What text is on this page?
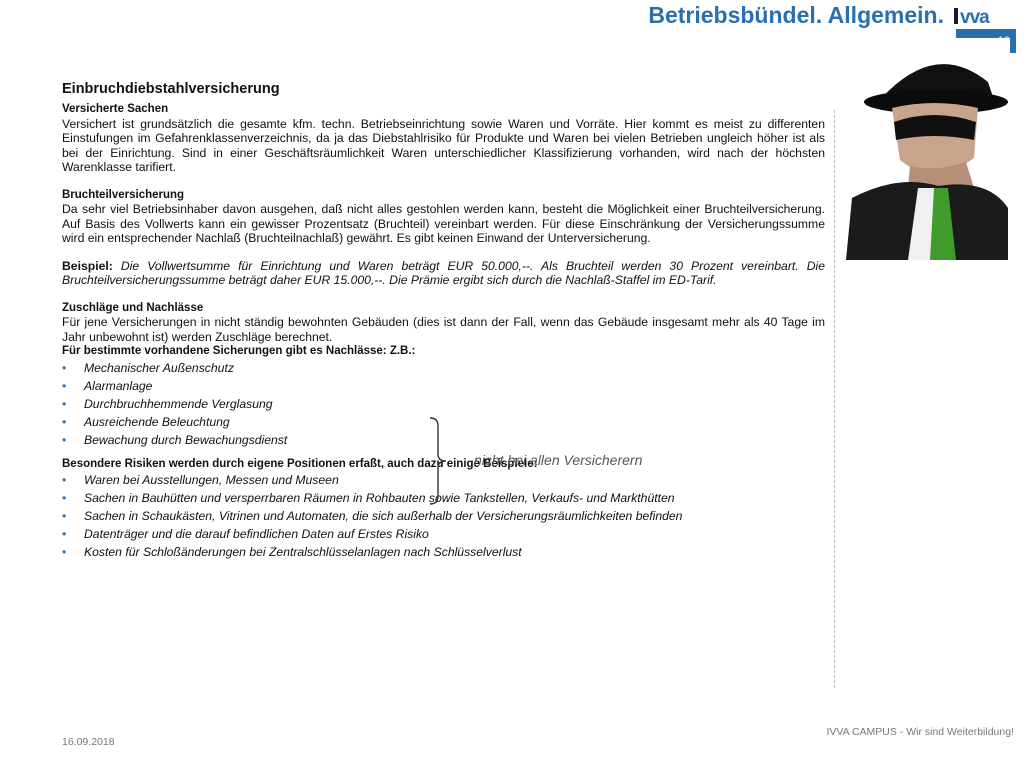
Betriebsbündel. Allgemein. vva
Einbruchdiebstahlversicherung

Versicherte Sachen

Versichert ist grundsätzlich die gesamte kfm. techn. Betriebseinrichtung sowie Waren und Vorräte. Hier kommt es meist zu differenten Einstufungen im Gefahrenklassenverzeichnis, da ja das Diebstahlrisiko für Produkte und Waren bei vielen Betrieben ungleich höher ist als bei der Einrichtung. Sind in einer Geschäftsräumlichkeit Waren unterschiedlicher Klassifizierung vorhanden, wird nach der höchsten Warenklasse tarifiert.

Bruchteilversicherung

Da sehr viel Betriebsinhaber davon ausgehen, daß nicht alles gestohlen werden kann, besteht die Möglichkeit einer Bruchteilversicherung. Auf Basis des Vollwerts kann ein gewisser Prozentsatz (Bruchteil) vereinbart werden. Für diese Einschränkung der Versicherungssumme wird ein entsprechender Nachlaß (Bruchteilnachlaß) gewährt. Es gibt keinen Einwand der Unterversicherung.

Beispiel: Die Vollwertsumme für Einrichtung und Waren beträgt EUR 50.000,--. Als Bruchteil werden 30 Prozent vereinbart. Die Bruchteilversicherungssumme beträgt daher EUR 15.000,--. Die Prämie ergibt sich durch die Nachlaß-Staffel im ED-Tarif.

Zuschläge und Nachlässe

Für jene Versicherungen in nicht ständig bewohnten Gebäuden (dies ist dann der Fall, wenn das Gebäude insgesamt mehr als 40 Tage im Jahr unbewohnt ist) werden Zuschläge berechnet.

Für bestimmte vorhandene Sicherungen gibt es Nachlässe: Z.B.:

• Mechanischer Außenschutz
• Alarmanlage
• Durchbruchhemmende Verglasung
• Ausreichende Beleuchtung
• Bewachung durch Bewachungsdienst

Besondere Risiken werden durch eigene Positionen erfaßt, auch dazu einige Beispiele:

• Waren bei Ausstellungen, Messen und Museen
• Sachen in Bauhütten und versperrbaren Räumen in Rohbauten sowie Tankstellen, Verkaufs- und Markthütten
• Sachen in Schaukästen, Vitrinen und Automaten, die sich außerhalb der Versicherungsräumlichkeiten befinden
• Datenträger und die darauf befindlichen Daten auf Erstes Risiko
• Kosten für Schloßänderungen bei Zentralschlüsselanlagen nach Schlüsselverlust
nicht bei allen Versicherern
16.09.2018
IVVA CAMPUS - Wir sind Weiterbildung!
